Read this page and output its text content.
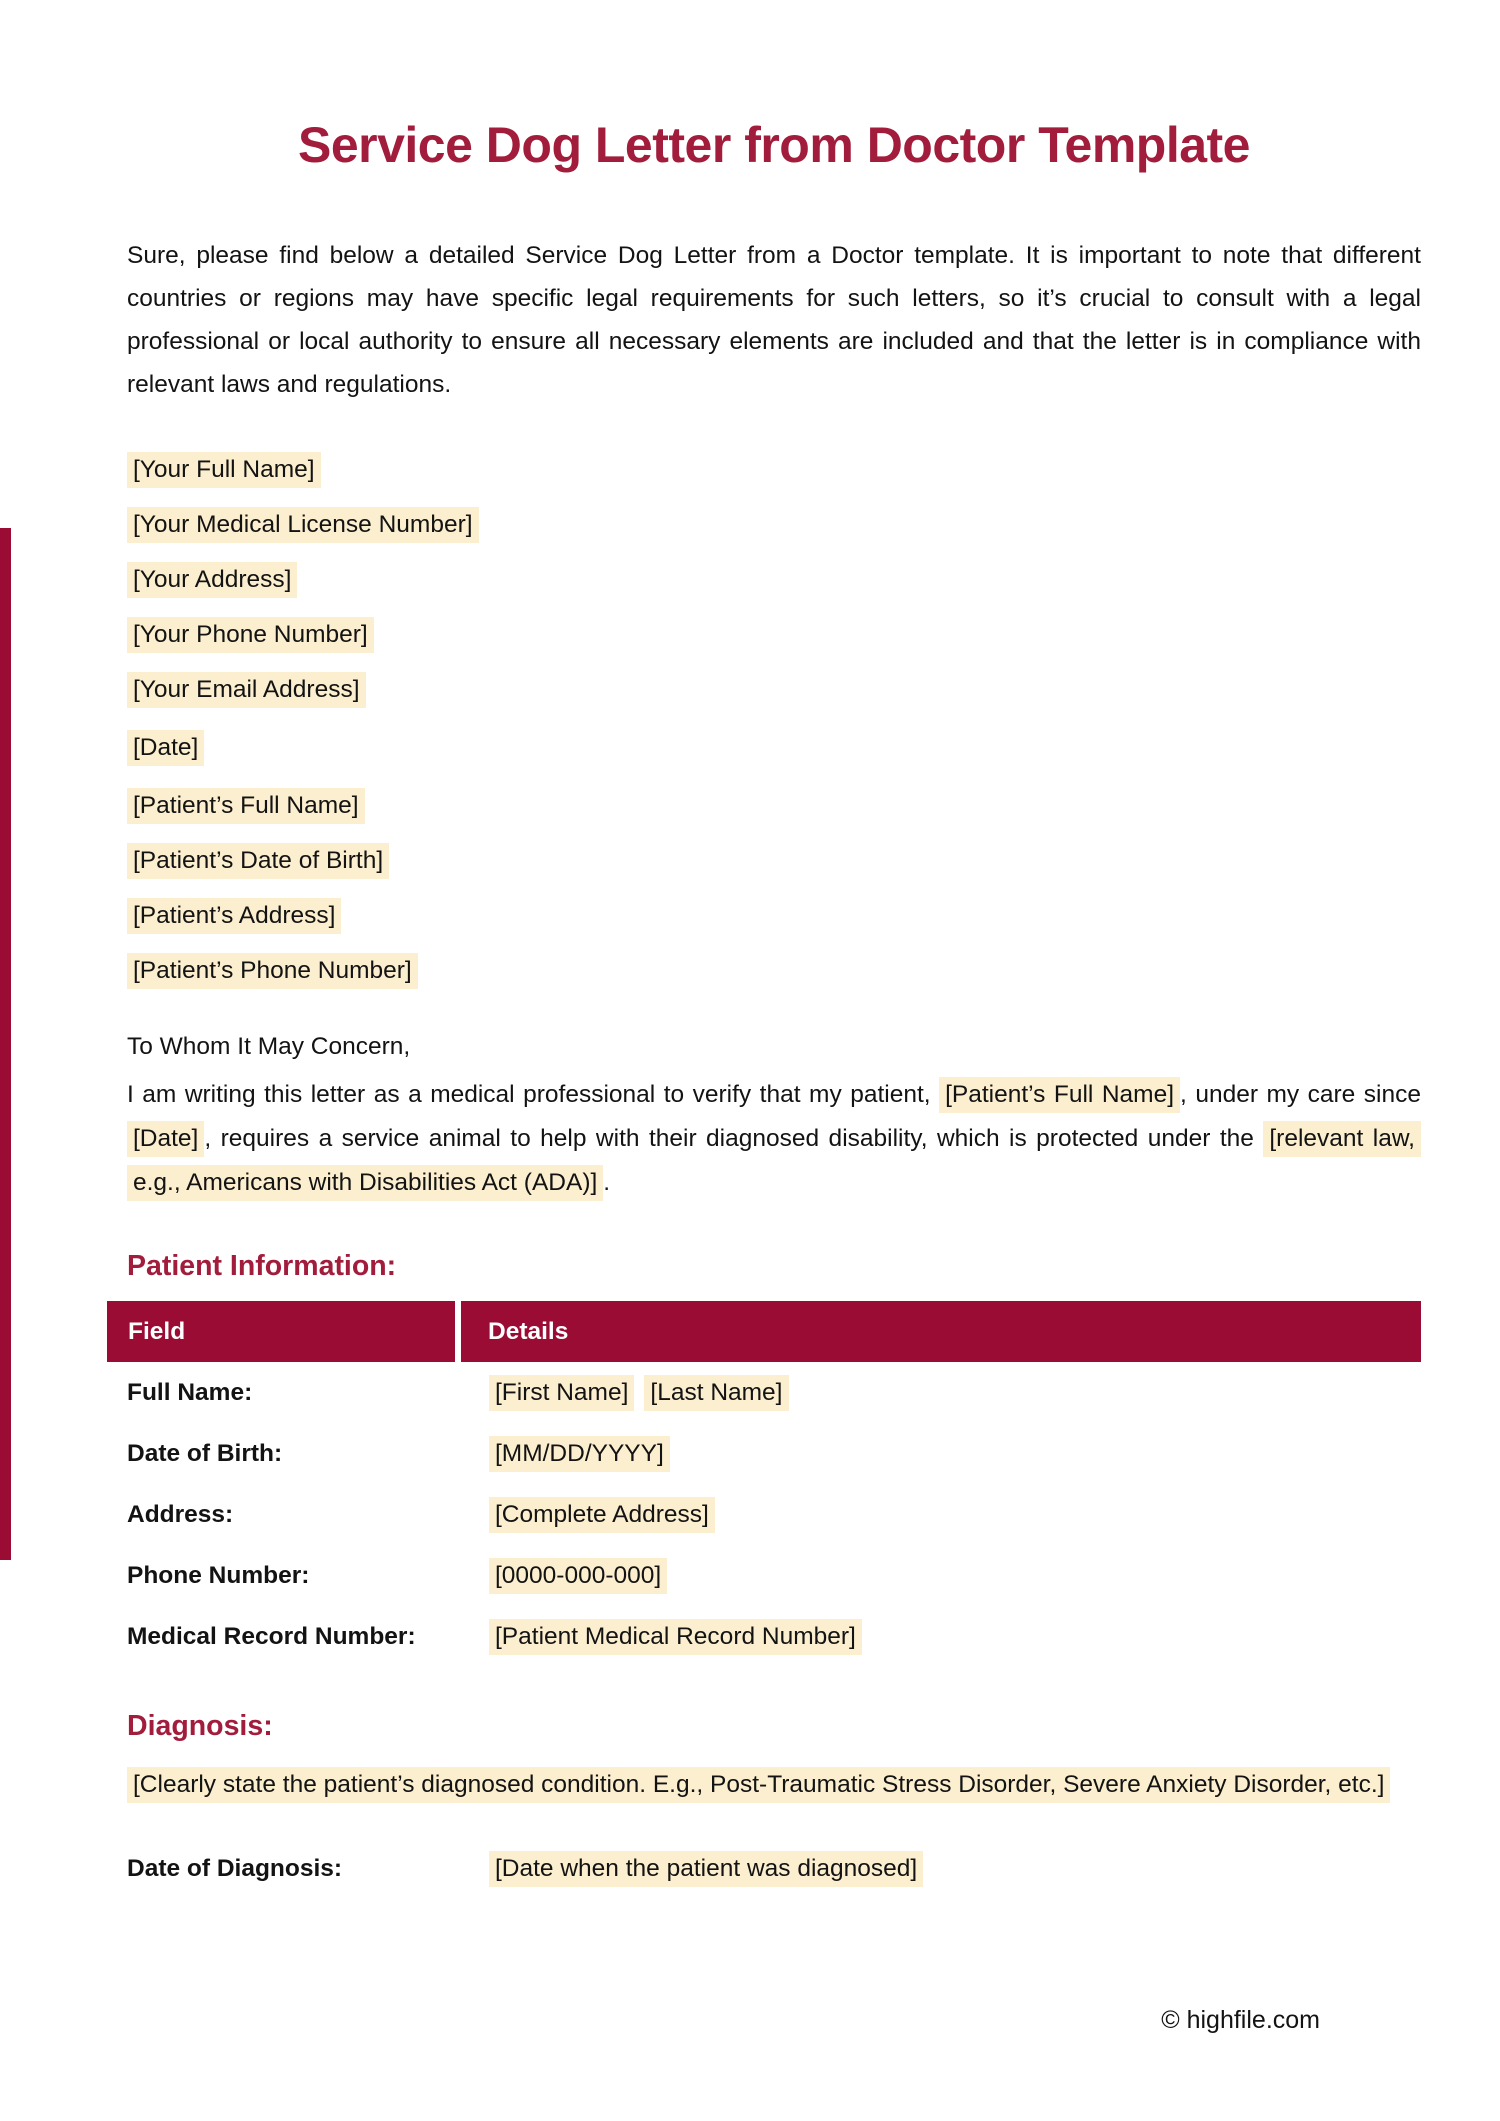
Service Dog Letter from Doctor Template

Sure, please find below a detailed Service Dog Letter from a Doctor template. It is important to note that different countries or regions may have specific legal requirements for such letters, so it’s crucial to consult with a legal professional or local authority to ensure all necessary elements are included and that the letter is in compliance with relevant laws and regulations.

[Your Full Name]

[Your Medical License Number]

[Your Address]

[Your Phone Number]

[Your Email Address]

[Date]

[Patient’s Full Name]

[Patient’s Date of Birth]

[Patient’s Address]

[Patient’s Phone Number]

To Whom It May Concern,

I am writing this letter as a medical professional to verify that my patient, [Patient’s Full Name] , under my care since [Date] , requires a service animal to help with their diagnosed disability, which is protected under the [relevant law, e.g., Americans with Disabilities Act (ADA)] .

Patient Information:
Field	Details
Full Name:	[First Name] [Last Name]
Date of Birth:	[MM/DD/YYYY]
Address:	[Complete Address]
Phone Number:	[0000-000-000]
Medical Record Number:	[Patient Medical Record Number]
Diagnosis:

[Clearly state the patient’s diagnosed condition. E.g., Post-Traumatic Stress Disorder, Severe Anxiety Disorder, etc.]

Date of Diagnosis:	[Date when the patient was diagnosed]
© highfile.com
